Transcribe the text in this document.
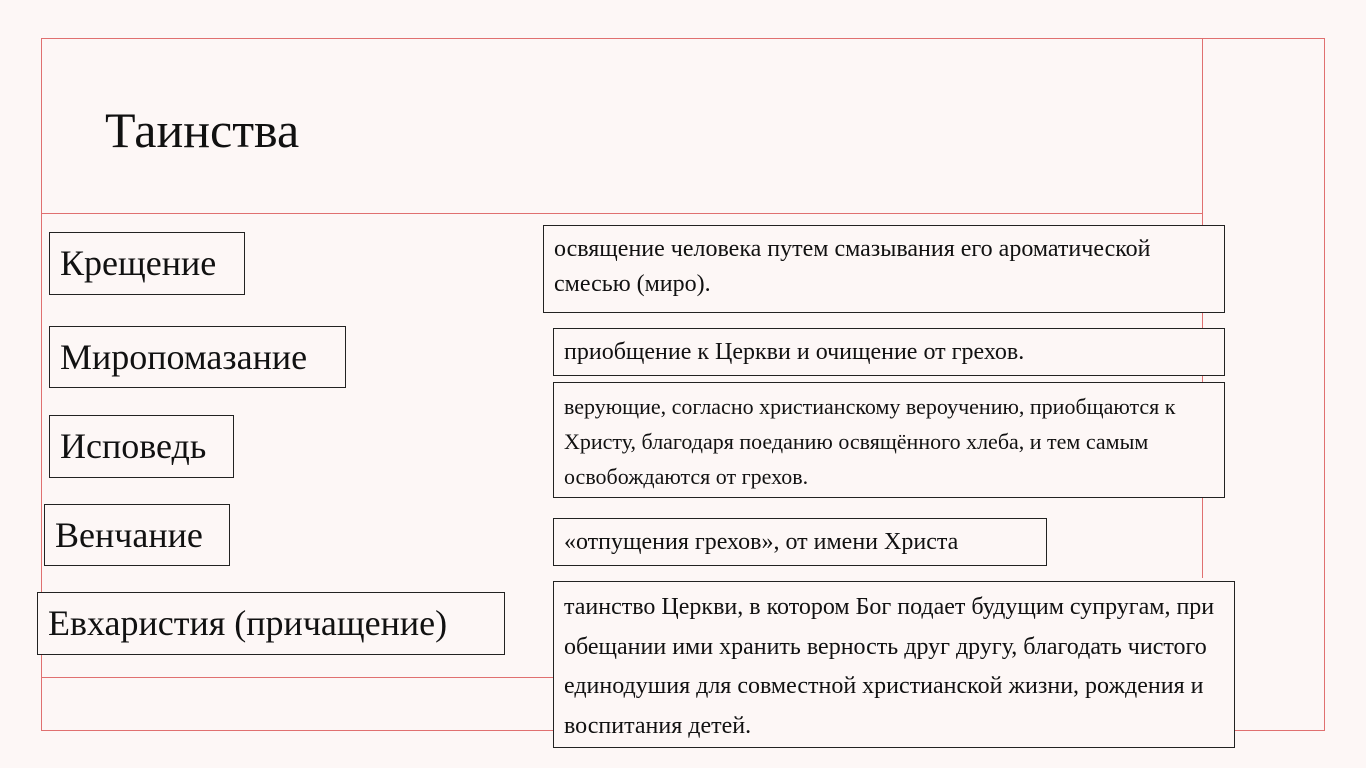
Таинства
Крещение
Миропомазание
Исповедь
Венчание
Евхаристия (причащение)
освящение человека путем смазывания его ароматической смесью (миро).
приобщение к Церкви и очищение от грехов.
верующие, согласно христианскому вероучению, приобщаются к Христу, благодаря поеданию освящённого хлеба, и тем самым освобождаются от грехов.
«отпущения грехов», от имени Христа
таинство Церкви, в котором Бог подает будущим супругам, при обещании ими хранить верность друг другу, благодать чистого единодушия для совместной христианской жизни, рождения и воспитания детей.
